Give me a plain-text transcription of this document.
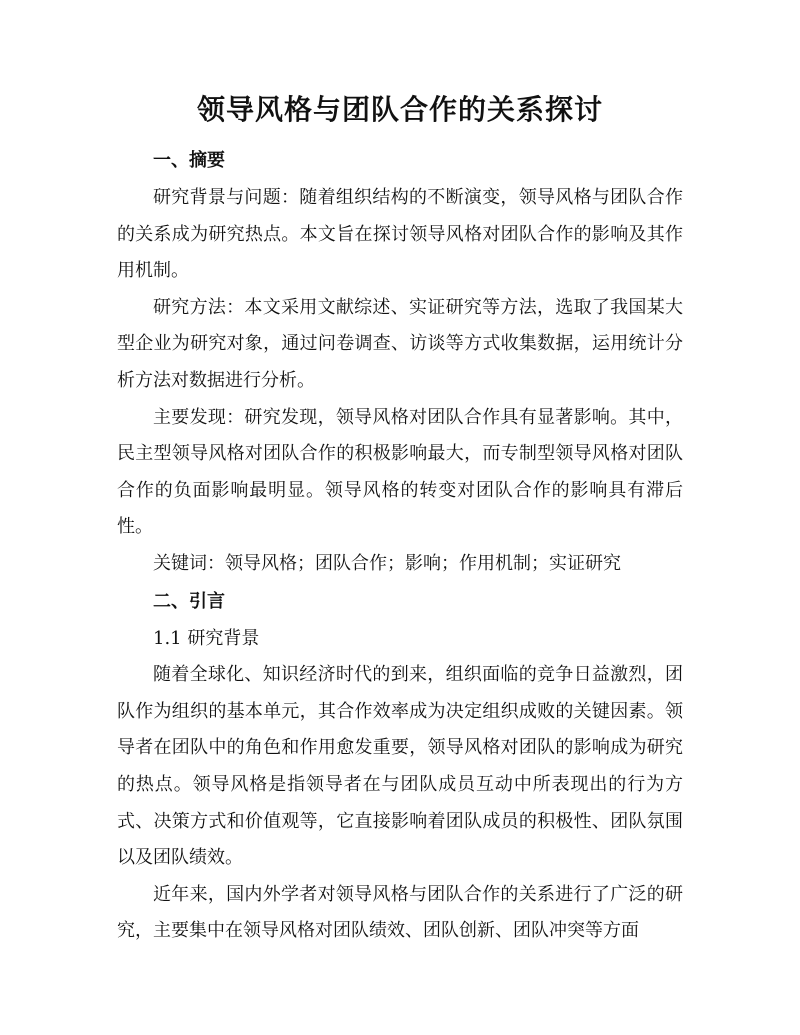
领导风格与团队合作的关系探讨

一、摘要

研究背景与问题：随着组织结构的不断演变，领导风格与团队合作的关系成为研究热点。本文旨在探讨领导风格对团队合作的影响及其作用机制。

研究方法：本文采用文献综述、实证研究等方法，选取了我国某大型企业为研究对象，通过问卷调查、访谈等方式收集数据，运用统计分析方法对数据进行分析。

主要发现：研究发现，领导风格对团队合作具有显著影响。其中，民主型领导风格对团队合作的积极影响最大，而专制型领导风格对团队合作的负面影响最明显。领导风格的转变对团队合作的影响具有滞后性。

关键词：领导风格；团队合作；影响；作用机制；实证研究

二、引言

1.1 研究背景

随着全球化、知识经济时代的到来，组织面临的竞争日益激烈，团队作为组织的基本单元，其合作效率成为决定组织成败的关键因素。领导者在团队中的角色和作用愈发重要，领导风格对团队的影响成为研究的热点。领导风格是指领导者在与团队成员互动中所表现出的行为方式、决策方式和价值观等，它直接影响着团队成员的积极性、团队氛围以及团队绩效。

近年来，国内外学者对领导风格与团队合作的关系进行了广泛的研究，主要集中在领导风格对团队绩效、团队创新、团队冲突等方面
